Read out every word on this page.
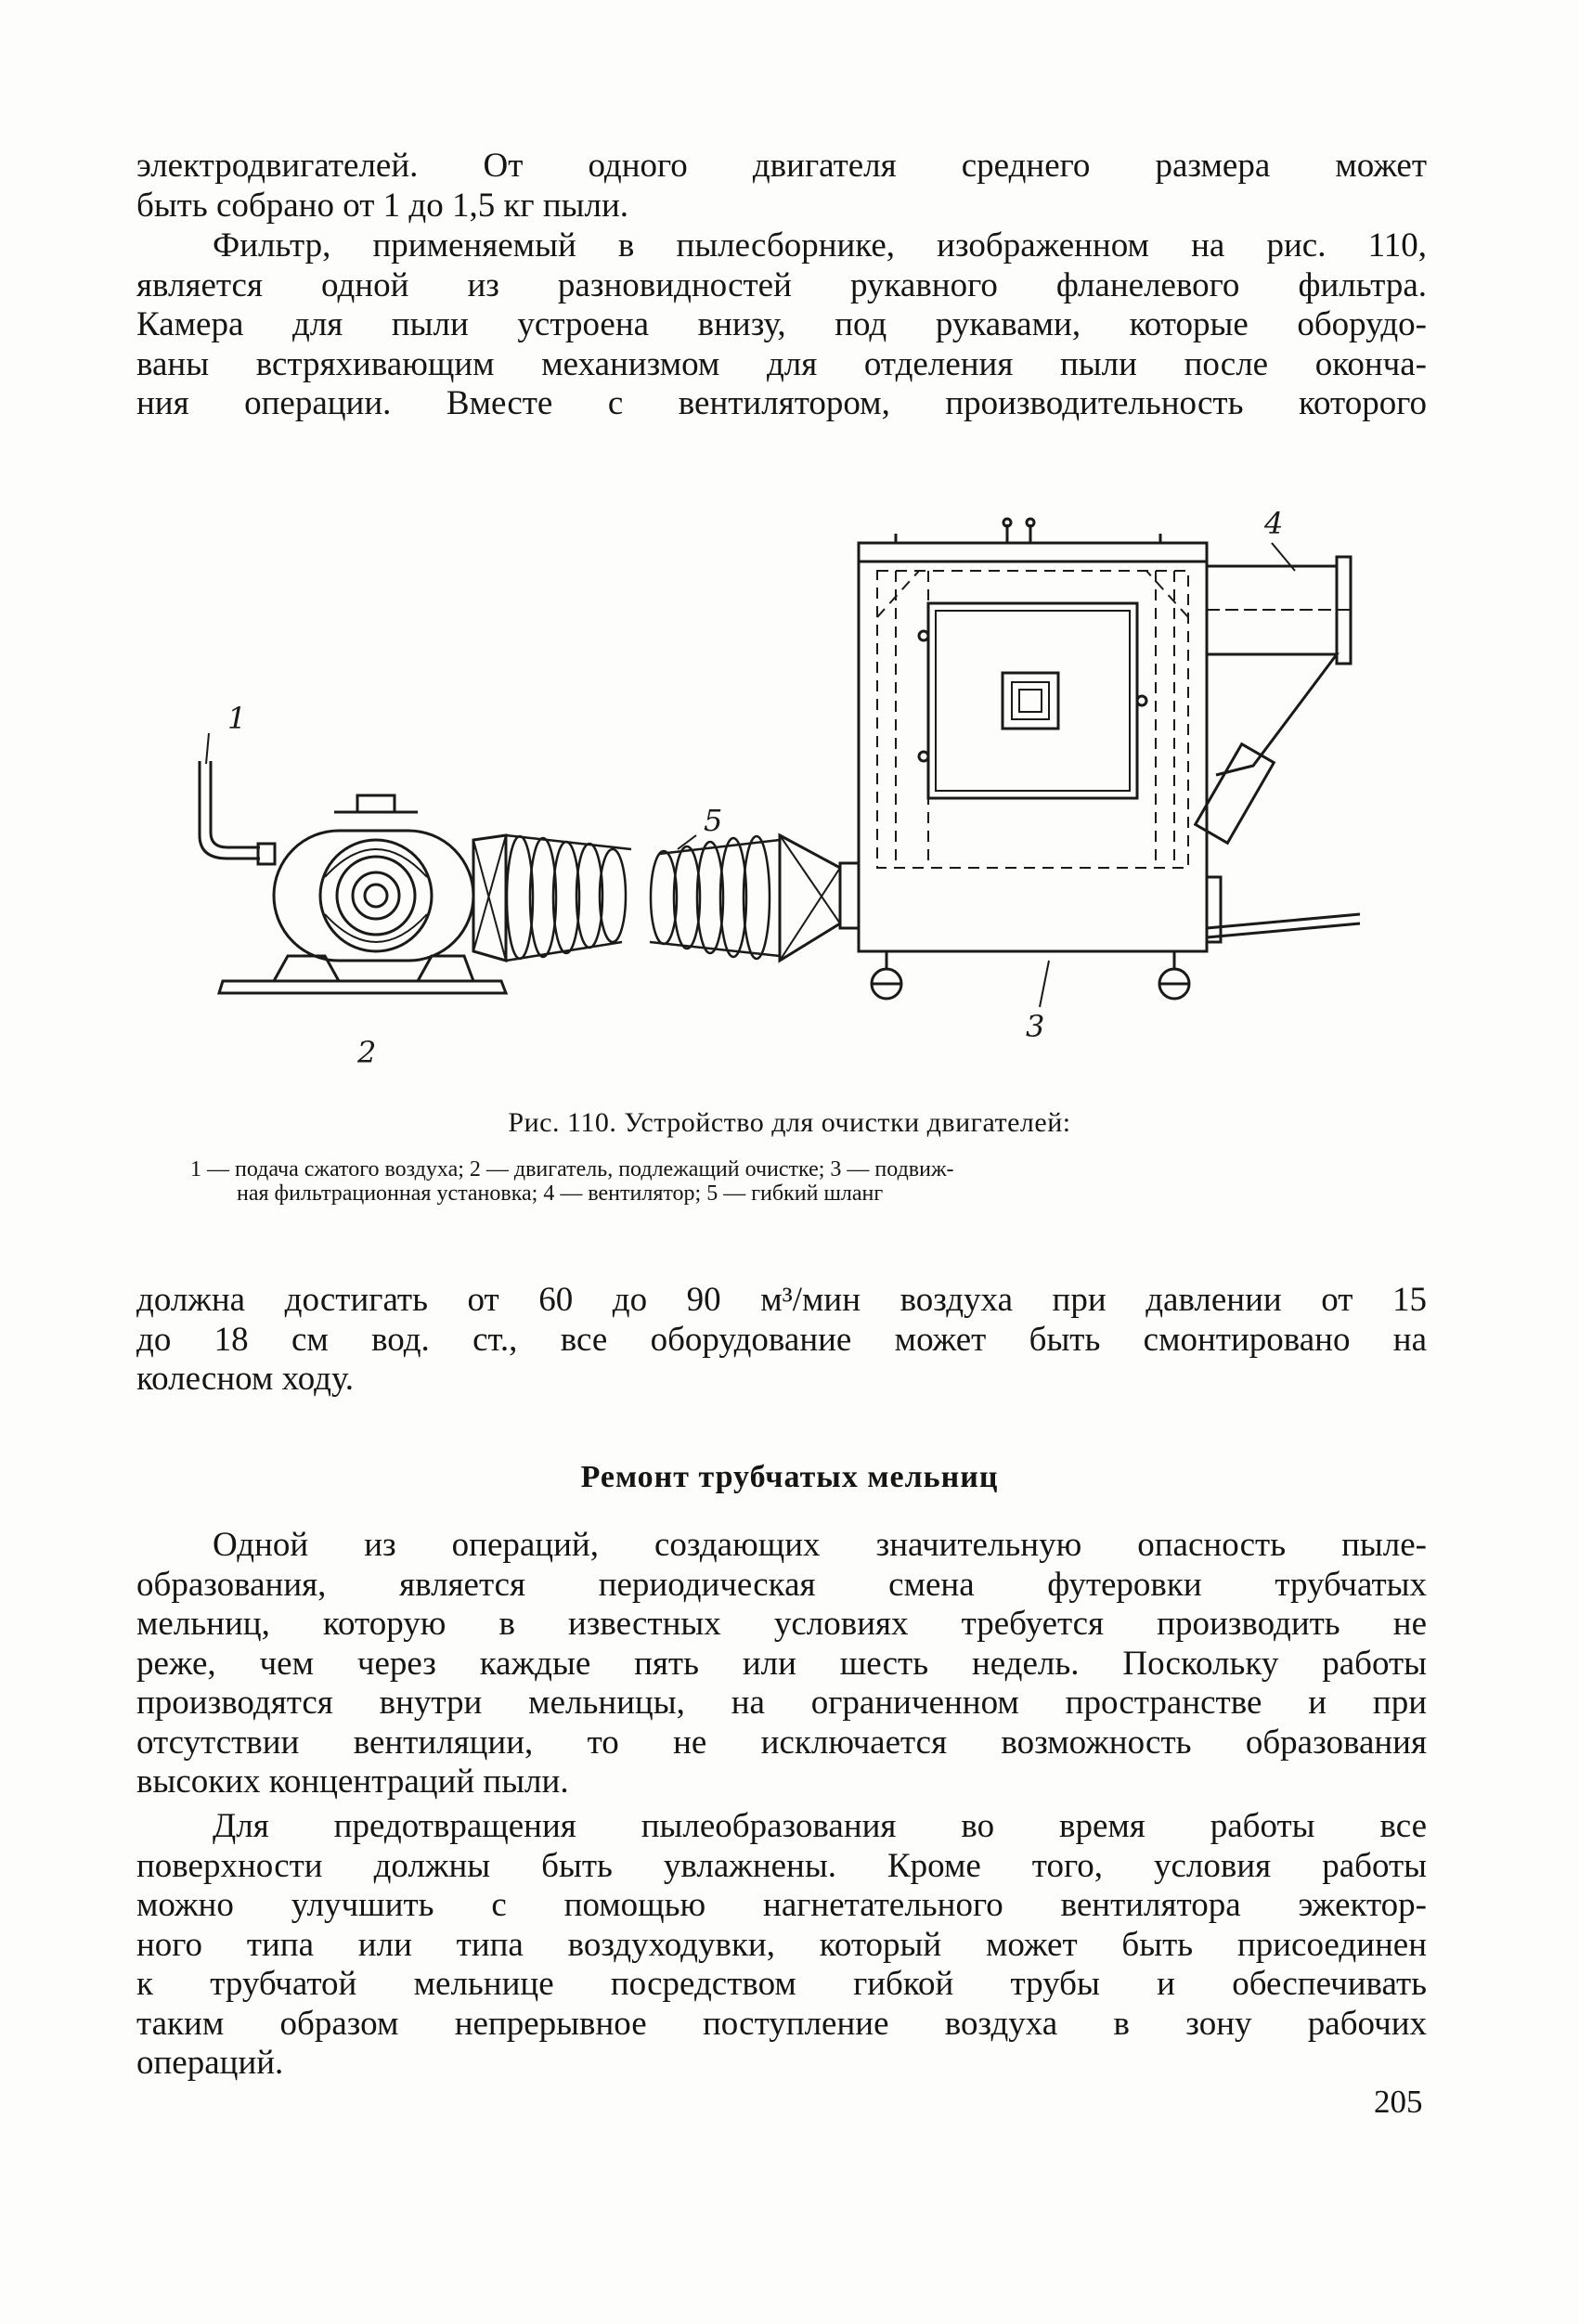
электродвигателей. От одного двигателя среднего размера может
быть собрано от 1 до 1,5 кг пыли.

Фильтр, применяемый в пылесборнике, изображенном на рис. 110,
является одной из разновидностей рукавного фланелевого фильтра.
Камера для пыли устроена внизу, под рукавами, которые оборудо-
ваны встряхивающим механизмом для отделения пыли после оконча-
ния операции. Вместе с вентилятором, производительность которого

4
1
5
3
2
Рис. 110. Устройство для очистки двигателей:
1 — подача сжатого воздуха; 2 — двигатель, подлежащий очистке; 3 — подвиж-
ная фильтрационная установка; 4 — вентилятор; 5 — гибкий шланг

должна достигать от 60 до 90 м³/мин воздуха при давлении от 15
до 18 см вод. ст., все оборудование может быть смонтировано на
колесном ходу.

Ремонт трубчатых мельниц

Одной из операций, создающих значительную опасность пыле-
образования, является периодическая смена футеровки трубчатых
мельниц, которую в известных условиях требуется производить не
реже, чем через каждые пять или шесть недель. Поскольку работы
производятся внутри мельницы, на ограниченном пространстве и при
отсутствии вентиляции, то не исключается возможность образования
высоких концентраций пыли.

Для предотвращения пылеобразования во время работы все
поверхности должны быть увлажнены. Кроме того, условия работы
можно улучшить с помощью нагнетательного вентилятора эжектор-
ного типа или типа воздуходувки, который может быть присоединен
к трубчатой мельнице посредством гибкой трубы и обеспечивать
таким образом непрерывное поступление воздуха в зону рабочих
операций.

205
